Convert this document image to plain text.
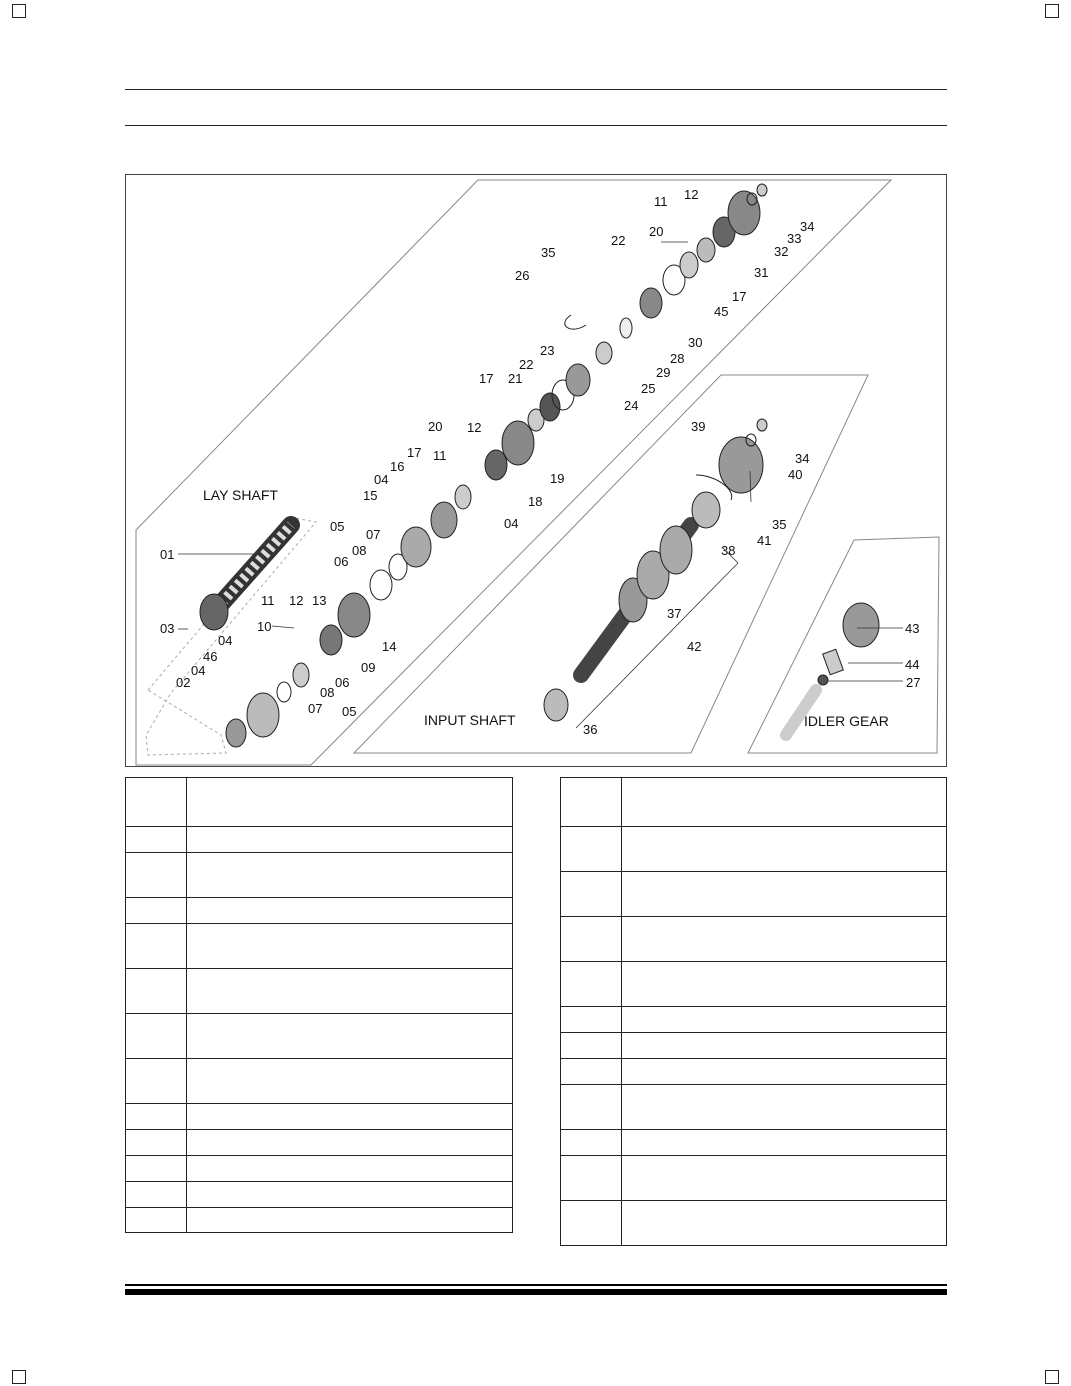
LAY SHAFT
INPUT SHAFT	IDLER GEAR
01
02
03
04
04
04
04
05
05
06
06
07
07
08
08
09
10
11
11
11
12
12
12
13
14
15
16
17
17
17
18
19
20
20
21
22
22
23
24
25
26
27
28
29
30
31
32
33
34
34
35
35
36
37
38
39
40
41
42
43
44
45
46
